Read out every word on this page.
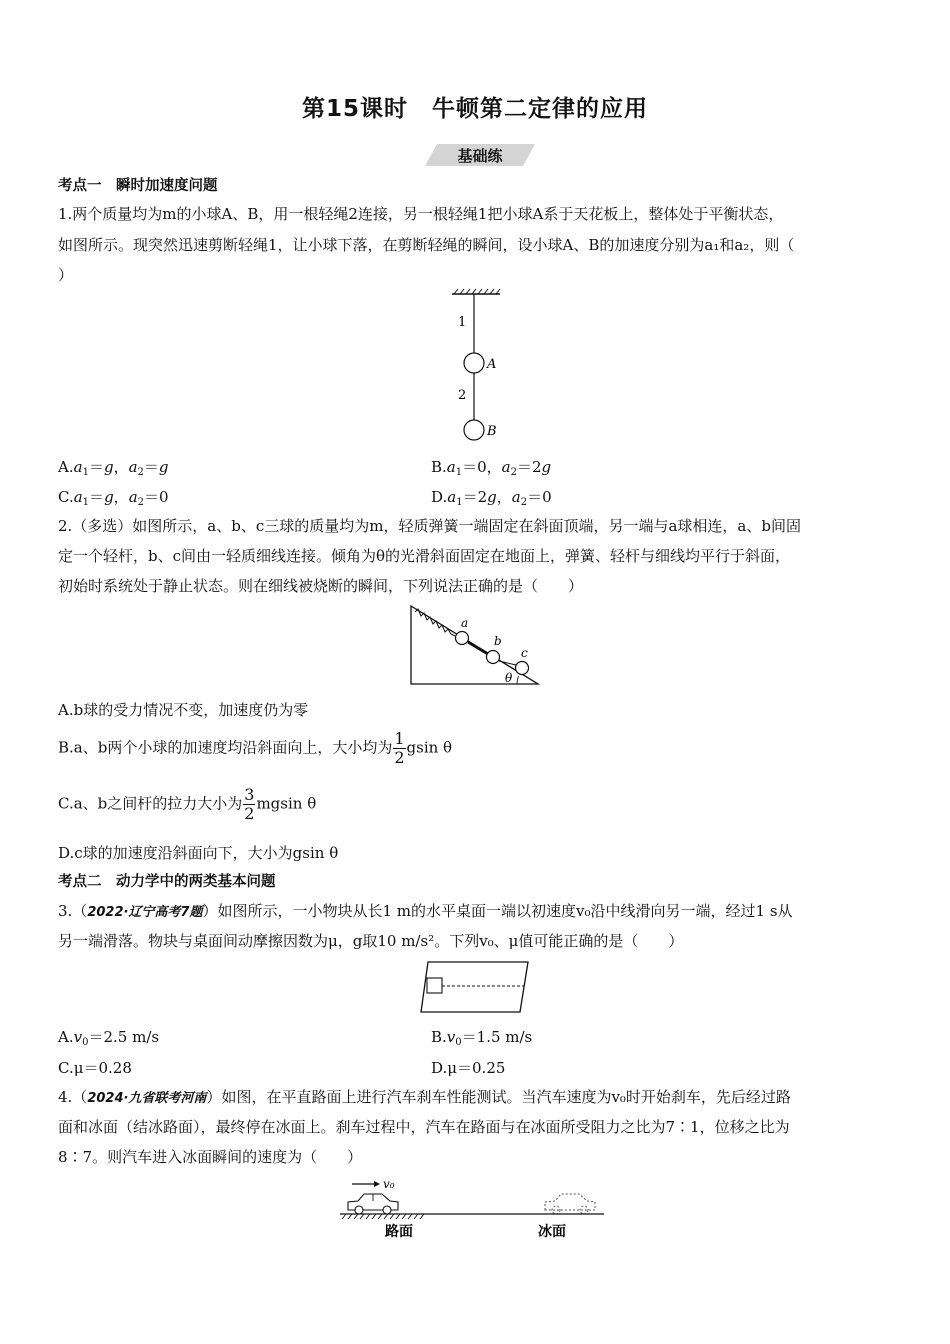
第15课时 牛顿第二定律的应用
基础练
考点一　瞬时加速度问题
1.两个质量均为m的小球A、B，用一根轻绳2连接，另一根轻绳1把小球A系于天花板上，整体处于平衡状态，
如图所示。现突然迅速剪断轻绳1，让小球下落，在剪断轻绳的瞬间，设小球A、B的加速度分别为a₁和a₂，则（
）
1
2
A
B
$A.a_1=g$，$a_2=g$	$B.a_1=0$，$a_2=2g$
$C.a_1=g$，$a_2=0$	$D.a_1=2g$，$a_2=0$
2.（多选）如图所示，a、b、c三球的质量均为m，轻质弹簧一端固定在斜面顶端，另一端与a球相连，a、b间固
定一个轻杆，b、c间由一轻质细线连接。倾角为θ的光滑斜面固定在地面上，弹簧、轻杆与细线均平行于斜面，
初始时系统处于静止状态。则在细线被烧断的瞬间，下列说法正确的是（　　）
a
b
c
θ
A.b球的受力情况不变，加速度仍为零
B.a、b两个小球的加速度均沿斜面向上，大小均为 $\frac{1}{2}$ gsin θ
C.a、b之间杆的拉力大小为 $\frac{3}{2}$ mgsin θ
D.c球的加速度沿斜面向下，大小为gsin θ
考点二　动力学中的两类基本问题
3.（2022·辽宁高考7题）如图所示，一小物块从长1 m的水平桌面一端以初速度v₀沿中线滑向另一端，经过1 s从
另一端滑落。物块与桌面间动摩擦因数为μ，g取10 m/s²。下列v₀、μ值可能正确的是（　　）
$A.v_0=2.5$ m/s	$B.v_0=1.5$ m/s
C.μ＝0.28	D.μ＝0.25
4.（2024·九省联考河南）如图，在平直路面上进行汽车刹车性能测试。当汽车速度为v₀时开始刹车，先后经过路
面和冰面（结冰路面），最终停在冰面上。刹车过程中，汽车在路面与在冰面所受阻力之比为7∶1，位移之比为
8∶7。则汽车进入冰面瞬间的速度为（　　）
v₀
路面	冰面
